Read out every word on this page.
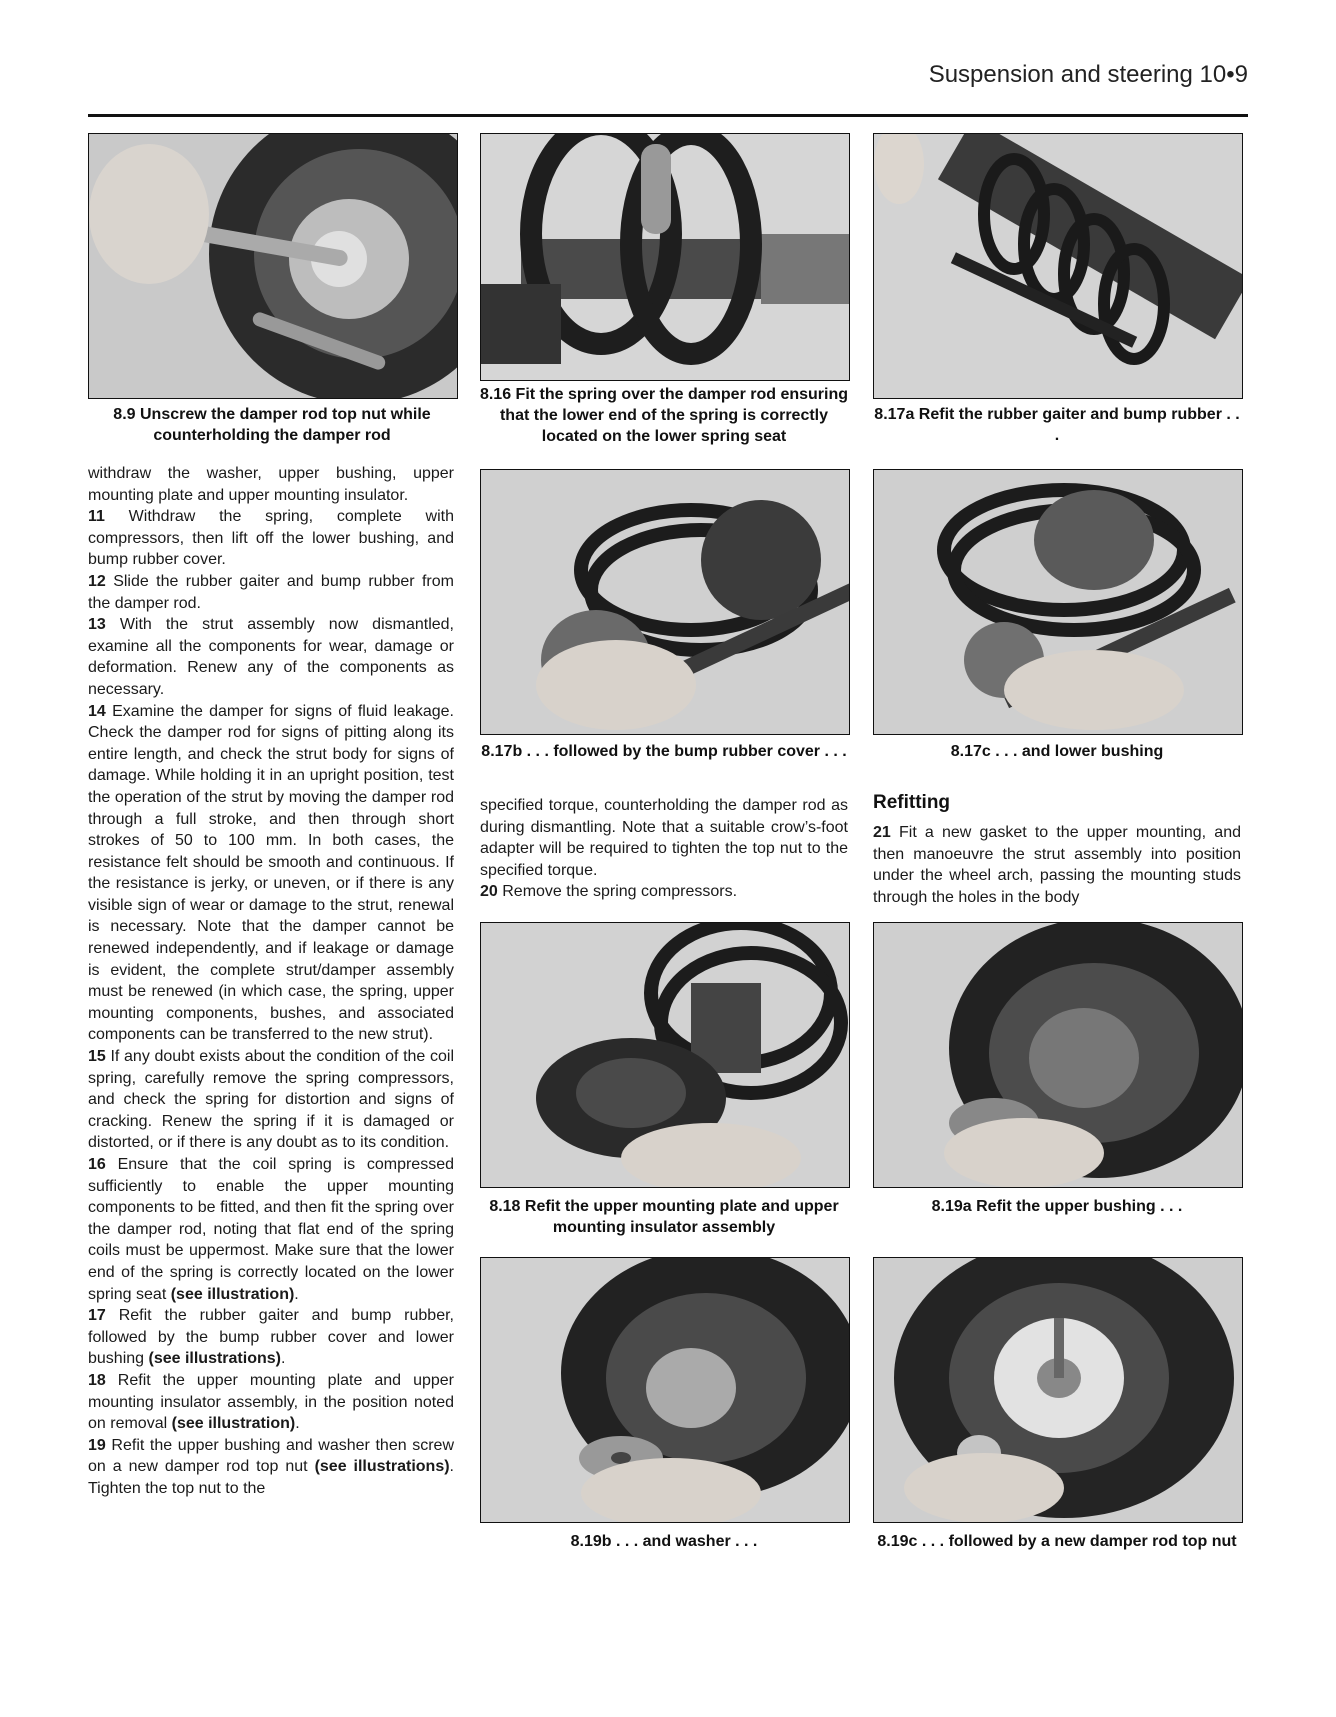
Suspension and steering 10•9
8.9 Unscrew the damper rod top nut while counterholding the damper rod
8.16 Fit the spring over the damper rod ensuring that the lower end of the spring is correctly located on the lower spring seat
8.17a Refit the rubber gaiter and bump rubber . . .

withdraw the washer, upper bushing, upper mounting plate and upper mounting insulator.

11 Withdraw the spring, complete with compressors, then lift off the lower bushing, and bump rubber cover.

12 Slide the rubber gaiter and bump rubber from the damper rod.

13 With the strut assembly now dismantled, examine all the components for wear, damage or deformation. Renew any of the components as necessary.

14 Examine the damper for signs of fluid leakage. Check the damper rod for signs of pitting along its entire length, and check the strut body for signs of damage. While holding it in an upright position, test the operation of the strut by moving the damper rod through a full stroke, and then through short strokes of 50 to 100 mm. In both cases, the resistance felt should be smooth and continuous. If the resistance is jerky, or uneven, or if there is any visible sign of wear or damage to the strut, renewal is necessary. Note that the damper cannot be renewed independently, and if leakage or damage is evident, the complete strut/damper assembly must be renewed (in which case, the spring, upper mounting components, bushes, and associated components can be transferred to the new strut).

15 If any doubt exists about the condition of the coil spring, carefully remove the spring compressors, and check the spring for distortion and signs of cracking. Renew the spring if it is damaged or distorted, or if there is any doubt as to its condition.

16 Ensure that the coil spring is compressed sufficiently to enable the upper mounting components to be fitted, and then fit the spring over the damper rod, noting that flat end of the spring coils must be uppermost. Make sure that the lower end of the spring is correctly located on the lower spring seat (see illustration).

17 Refit the rubber gaiter and bump rubber, followed by the bump rubber cover and lower bushing (see illustrations).

18 Refit the upper mounting plate and upper mounting insulator assembly, in the position noted on removal (see illustration).

19 Refit the upper bushing and washer then screw on a new damper rod top nut (see illustrations). Tighten the top nut to the

8.17b . . . followed by the bump rubber cover . . .	8.17c . . . and lower bushing

specified torque, counterholding the damper rod as during dismantling. Note that a suitable crow’s-foot adapter will be required to tighten the top nut to the specified torque.

20 Remove the spring compressors.

Refitting

21 Fit a new gasket to the upper mounting, and then manoeuvre the strut assembly into position under the wheel arch, passing the mounting studs through the holes in the body

8.18 Refit the upper mounting plate and upper mounting insulator assembly
8.19a Refit the upper bushing . . .
8.19b . . . and washer . . .	8.19c . . . followed by a new damper rod top nut
